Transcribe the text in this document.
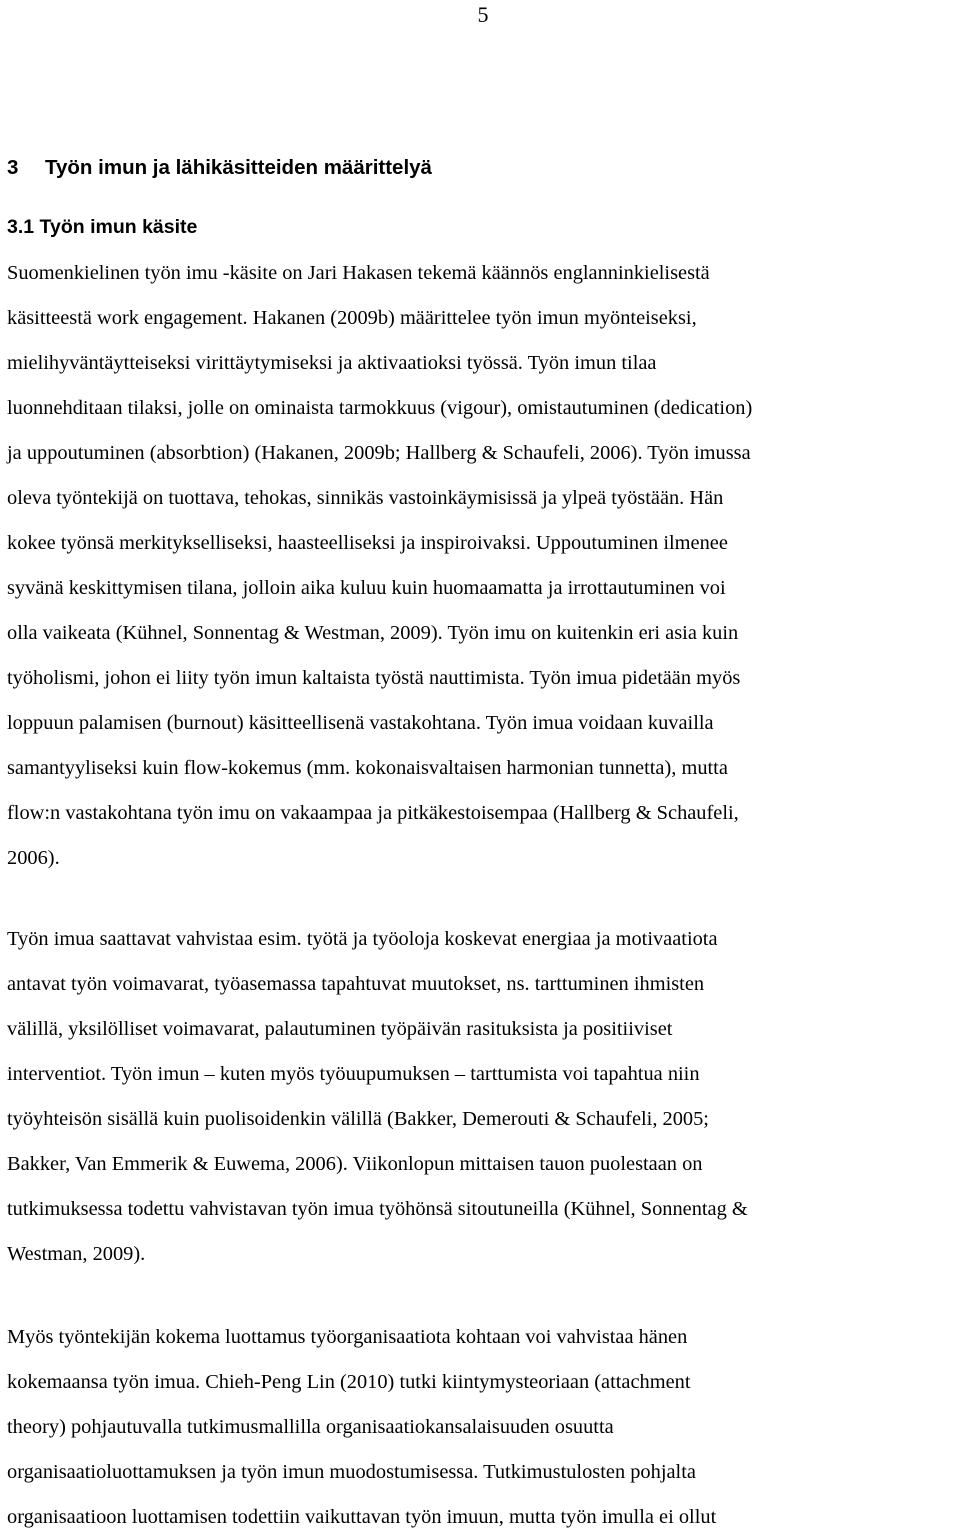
5
3 Työn imun ja lähikäsitteiden määrittelyä
3.1 Työn imun käsite
Suomenkielinen työn imu -käsite on Jari Hakasen tekemä käännös englanninkielisestä
käsitteestä work engagement. Hakanen (2009b) määrittelee työn imun myönteiseksi,
mielihyväntäytteiseksi virittäytymiseksi ja aktivaatioksi työssä. Työn imun tilaa
luonnehditaan tilaksi, jolle on ominaista tarmokkuus (vigour), omistautuminen (dedication)
ja uppoutuminen (absorbtion) (Hakanen, 2009b; Hallberg & Schaufeli, 2006). Työn imussa
oleva työntekijä on tuottava, tehokas, sinnikäs vastoinkäymisissä ja ylpeä työstään. Hän
kokee työnsä merkitykselliseksi, haasteelliseksi ja inspiroivaksi. Uppoutuminen ilmenee
syvänä keskittymisen tilana, jolloin aika kuluu kuin huomaamatta ja irrottautuminen voi
olla vaikeata (Kühnel, Sonnentag & Westman, 2009). Työn imu on kuitenkin eri asia kuin
työholismi, johon ei liity työn imun kaltaista työstä nauttimista. Työn imua pidetään myös
loppuun palamisen (burnout) käsitteellisenä vastakohtana. Työn imua voidaan kuvailla
samantyyliseksi kuin flow-kokemus (mm. kokonaisvaltaisen harmonian tunnetta), mutta
flow:n vastakohtana työn imu on vakaampaa ja pitkäkestoisempaa (Hallberg & Schaufeli,
2006).
Työn imua saattavat vahvistaa esim. työtä ja työoloja koskevat energiaa ja motivaatiota
antavat työn voimavarat, työasemassa tapahtuvat muutokset, ns. tarttuminen ihmisten
välillä, yksilölliset voimavarat, palautuminen työpäivän rasituksista ja positiiviset
interventiot. Työn imun – kuten myös työuupumuksen – tarttumista voi tapahtua niin
työyhteisön sisällä kuin puolisoidenkin välillä (Bakker, Demerouti & Schaufeli, 2005;
Bakker, Van Emmerik & Euwema, 2006). Viikonlopun mittaisen tauon puolestaan on
tutkimuksessa todettu vahvistavan työn imua työhönsä sitoutuneilla (Kühnel, Sonnentag &
Westman, 2009).
Myös työntekijän kokema luottamus työorganisaatiota kohtaan voi vahvistaa hänen
kokemaansa työn imua. Chieh-Peng Lin (2010) tutki kiintymysteoriaan (attachment
theory) pohjautuvalla tutkimusmallilla organisaatiokansalaisuuden osuutta
organisaatioluottamuksen ja työn imun muodostumisessa. Tutkimustulosten pohjalta
organisaatioon luottamisen todettiin vaikuttavan työn imuun, mutta työn imulla ei ollut
